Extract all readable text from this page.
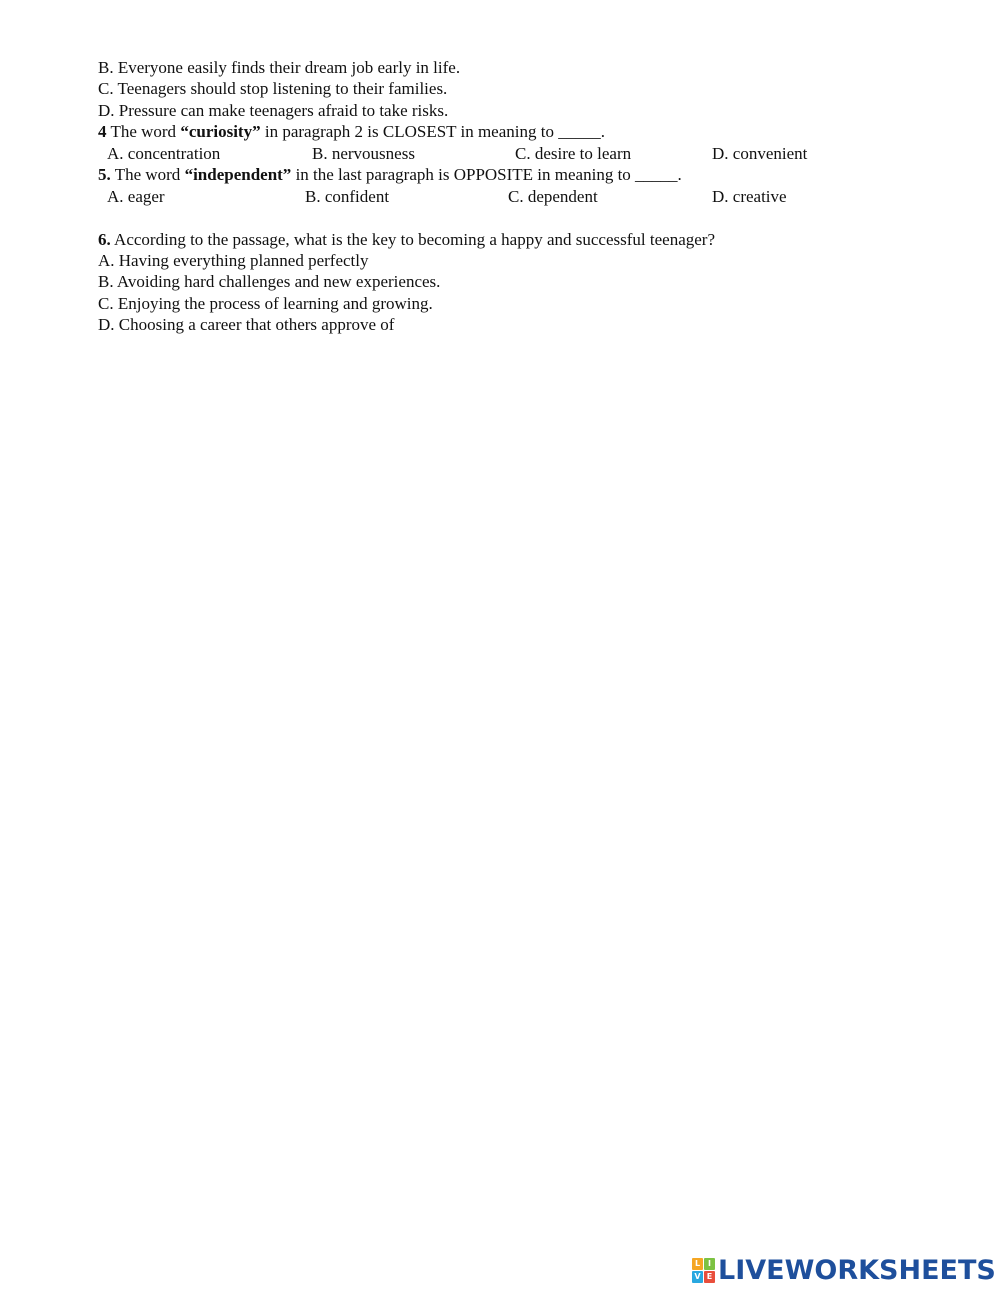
B. Everyone easily finds their dream job early in life.
C. Teenagers should stop listening to their families.
D. Pressure can make teenagers afraid to take risks.
4 The word “curiosity” in paragraph 2 is CLOSEST in meaning to _____.
A. concentration	B. nervousness	C. desire to learn	D. convenient
5. The word “independent” in the last paragraph is OPPOSITE in meaning to _____.
A. eager	B. confident	C. dependent	D. creative
6. According to the passage, what is the key to becoming a happy and successful teenager?
A. Having everything planned perfectly
B. Avoiding hard challenges and new experiences.
C. Enjoying the process of learning and growing.
D. Choosing a career that others approve of
L I
V E LIVEWORKSHEETS
